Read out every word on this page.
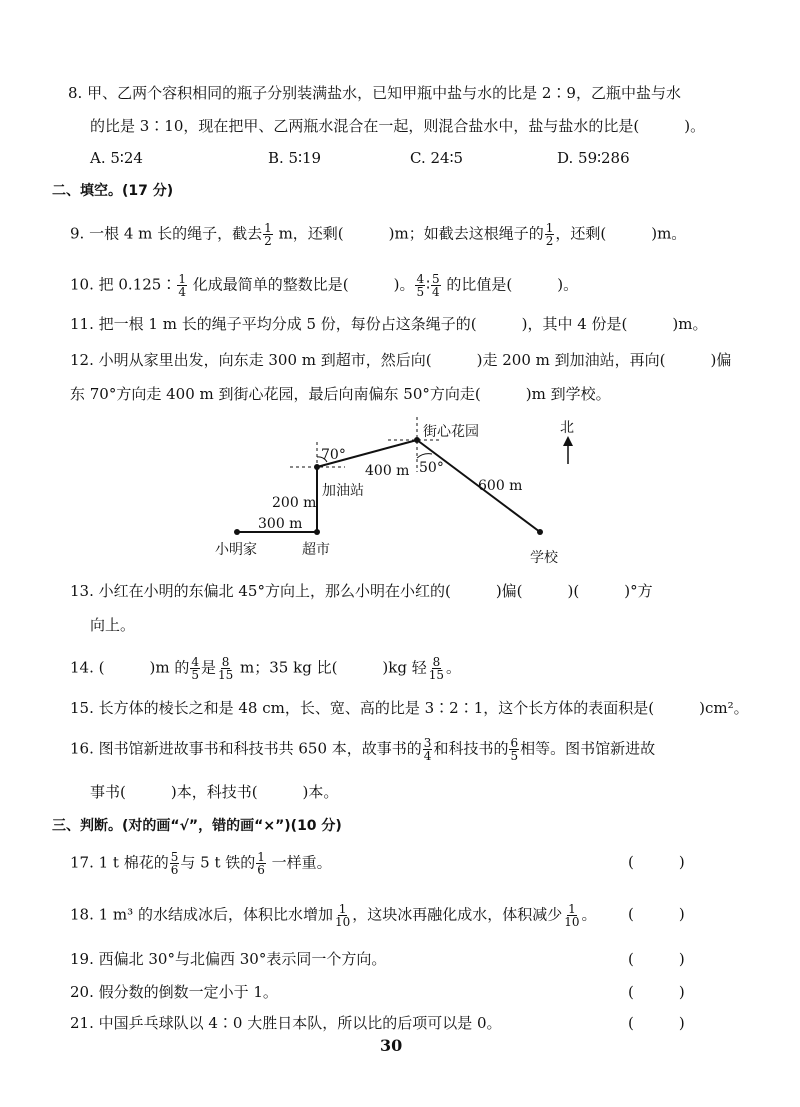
8. 甲、乙两个容积相同的瓶子分别装满盐水，已知甲瓶中盐与水的比是 2∶9，乙瓶中盐与水
的比是 3∶10，现在把甲、乙两瓶水混合在一起，则混合盐水中，盐与盐水的比是(　　　)。
A. 5∶24	B. 5∶19	C. 24∶5	D. 59∶286
二、填空。(17 分)
9. 一根 4 m 长的绳子，截去 $\frac{1}{2}$ m，还剩(　　　)m；如截去这根绳子的 $\frac{1}{2}$ ，还剩(　　　)m。
10. 把 0.125∶ $\frac{1}{4}$ 化成最简单的整数比是(　　　)。 $\frac{4}{5}$ ∶ $\frac{5}{4}$ 的比值是(　　　)。
11. 把一根 1 m 长的绳子平均分成 5 份，每份占这条绳子的(　　　)，其中 4 份是(　　　)m。
12. 小明从家里出发，向东走 300 m 到超市，然后向(　　　)走 200 m 到加油站，再向(　　　)偏
东 70°方向走 400 m 到街心花园，最后向南偏东 50°方向走(　　　)m 到学校。
北
小明家	超市
加油站
街心花园
学校
300 m
200 m
400 m
600 m
70°
50°
13. 小红在小明的东偏北 45°方向上，那么小明在小红的(　　　)偏(　　　)(　　　)°方
向上。
14. (　　　)m 的 $\frac{4}{5}$ 是 $\frac{8}{15}$ m；35 kg 比(　　　)kg 轻 $\frac{8}{15}$ 。
15. 长方体的棱长之和是 48 cm，长、宽、高的比是 3∶2∶1，这个长方体的表面积是(　　　)cm²。
16. 图书馆新进故事书和科技书共 650 本，故事书的 $\frac{3}{4}$ 和科技书的 $\frac{6}{5}$ 相等。图书馆新进故
事书(　　　)本，科技书(　　　)本。
三、判断。(对的画“√”，错的画“×”)(10 分)
17. 1 t 棉花的 $\frac{5}{6}$ 与 5 t 铁的 $\frac{1}{6}$ 一样重。	(　　　)
18. 1 m³ 的水结成冰后，体积比水增加 $\frac{1}{10}$ ，这块冰再融化成水，体积减少 $\frac{1}{10}$ 。 (　　　)
19. 西偏北 30°与北偏西 30°表示同一个方向。	(　　　)
20. 假分数的倒数一定小于 1。	(　　　)
21. 中国乒乓球队以 4∶0 大胜日本队，所以比的后项可以是 0。	(　　　)
30
